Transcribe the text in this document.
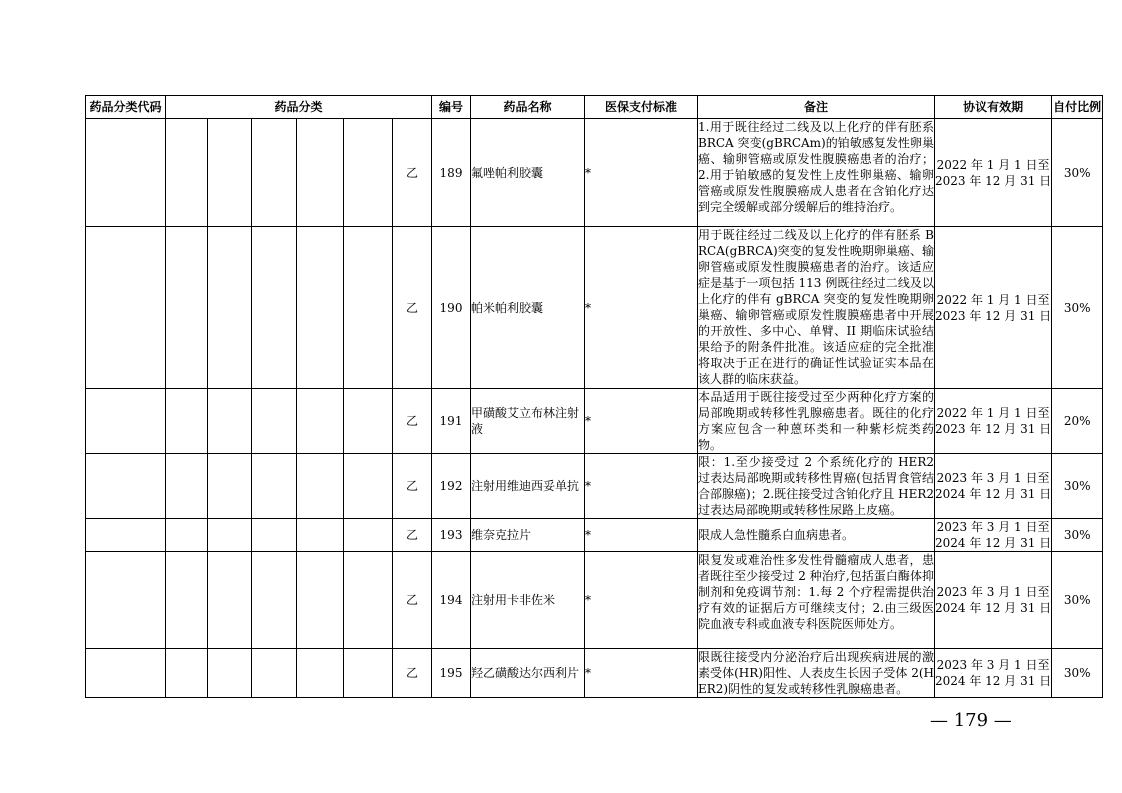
药品分类代码	药品分类						编号	药品名称	医保支付标准	备注	协议有效期	自付比例
						乙	189	氟唑帕利胶囊	*	1.用于既往经过二线及以上化疗的伴有胚系 BRCA 突变(gBRCAm)的铂敏感复发性卵巢癌、输卵管癌或原发性腹膜癌患者的治疗；2.用于铂敏感的复发性上皮性卵巢癌、输卵管癌或原发性腹膜癌成人患者在含铂化疗达到完全缓解或部分缓解后的维持治疗。	2022 年 1 月 1 日至
2023 年 12 月 31 日	30%
						乙	190	帕米帕利胶囊	*	用于既往经过二线及以上化疗的伴有胚系 BRCA(gBRCA)突变的复发性晚期卵巢癌、输卵管癌或原发性腹膜癌患者的治疗。该适应症是基于一项包括 113 例既往经过二线及以上化疗的伴有 gBRCA 突变的复发性晚期卵巢癌、输卵管癌或原发性腹膜癌患者中开展的开放性、多中心、单臂、II 期临床试验结果给予的附条件批准。该适应症的完全批准将取决于正在进行的确证性试验证实本品在该人群的临床获益。	2022 年 1 月 1 日至
2023 年 12 月 31 日	30%
						乙	191	甲磺酸艾立布林注射液	*	本品适用于既往接受过至少两种化疗方案的局部晚期或转移性乳腺癌患者。既往的化疗方案应包含一种蒽环类和一种紫杉烷类药物。	2022 年 1 月 1 日至
2023 年 12 月 31 日	20%
						乙	192	注射用维迪西妥单抗	*	限：1.至少接受过 2 个系统化疗的 HER2 过表达局部晚期或转移性胃癌(包括胃食管结合部腺癌)；2.既往接受过含铂化疗且 HER2 过表达局部晚期或转移性尿路上皮癌。	2023 年 3 月 1 日至
2024 年 12 月 31 日	30%
						乙	193	维奈克拉片	*	限成人急性髓系白血病患者。	2023 年 3 月 1 日至
2024 年 12 月 31 日	30%
						乙	194	注射用卡非佐米	*	限复发或难治性多发性骨髓瘤成人患者，患者既往至少接受过 2 种治疗,包括蛋白酶体抑制剂和免疫调节剂：1.每 2 个疗程需提供治疗有效的证据后方可继续支付；2.由三级医院血液专科或血液专科医院医师处方。	2023 年 3 月 1 日至
2024 年 12 月 31 日	30%
						乙	195	羟乙磺酸达尔西利片	*	限既往接受内分泌治疗后出现疾病进展的激素受体(HR)阳性、人表皮生长因子受体 2(HER2)阴性的复发或转移性乳腺癌患者。	2023 年 3 月 1 日至
2024 年 12 月 31 日	30%
— 179 —
